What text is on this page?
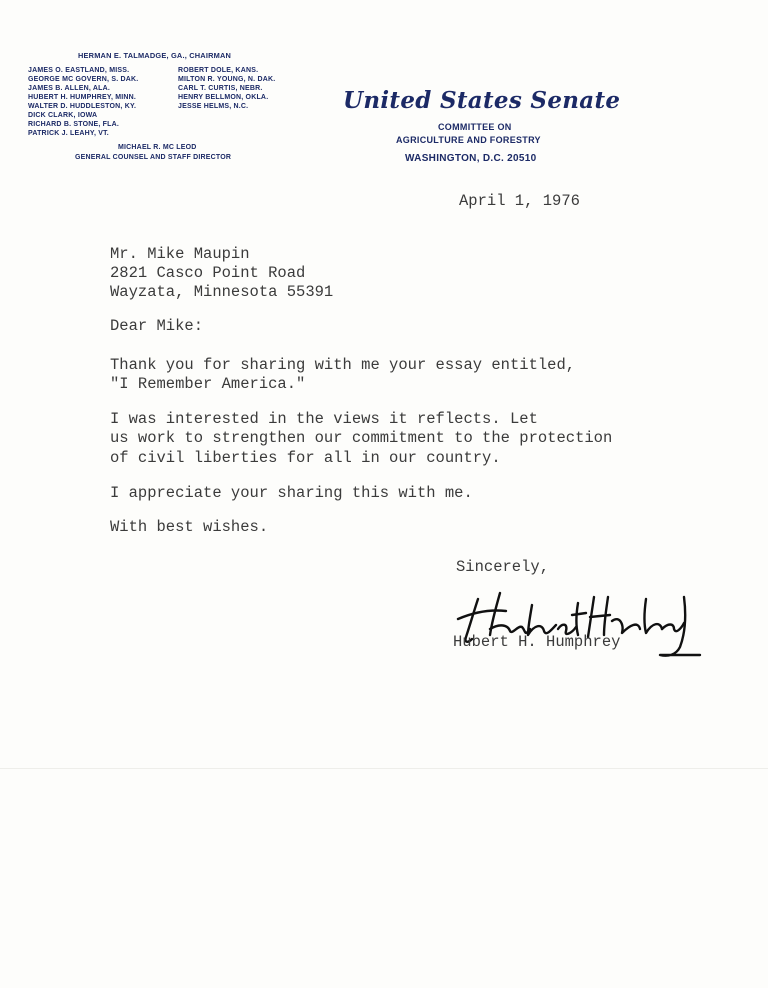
HERMAN E. TALMADGE, GA., CHAIRMAN
JAMES O. EASTLAND, MISS.
GEORGE MC GOVERN, S. DAK.
JAMES B. ALLEN, ALA.
HUBERT H. HUMPHREY, MINN.
WALTER D. HUDDLESTON, KY.
DICK CLARK, IOWA
RICHARD B. STONE, FLA.
PATRICK J. LEAHY, VT.
ROBERT DOLE, KANS.
MILTON R. YOUNG, N. DAK.
CARL T. CURTIS, NEBR.
HENRY BELLMON, OKLA.
JESSE HELMS, N.C.
MICHAEL R. MC LEOD
GENERAL COUNSEL AND STAFF DIRECTOR
United States Senate
COMMITTEE ON
AGRICULTURE AND FORESTRY
WASHINGTON, D.C. 20510
April 1, 1976
Mr. Mike Maupin
2821 Casco Point Road
Wayzata, Minnesota 55391
Dear Mike:
Thank you for sharing with me your essay entitled,
"I Remember America."
I was interested in the views it reflects. Let
us work to strengthen our commitment to the protection
of civil liberties for all in our country.
I appreciate your sharing this with me.
With best wishes.
Sincerely,
Hubert H. Humphrey
